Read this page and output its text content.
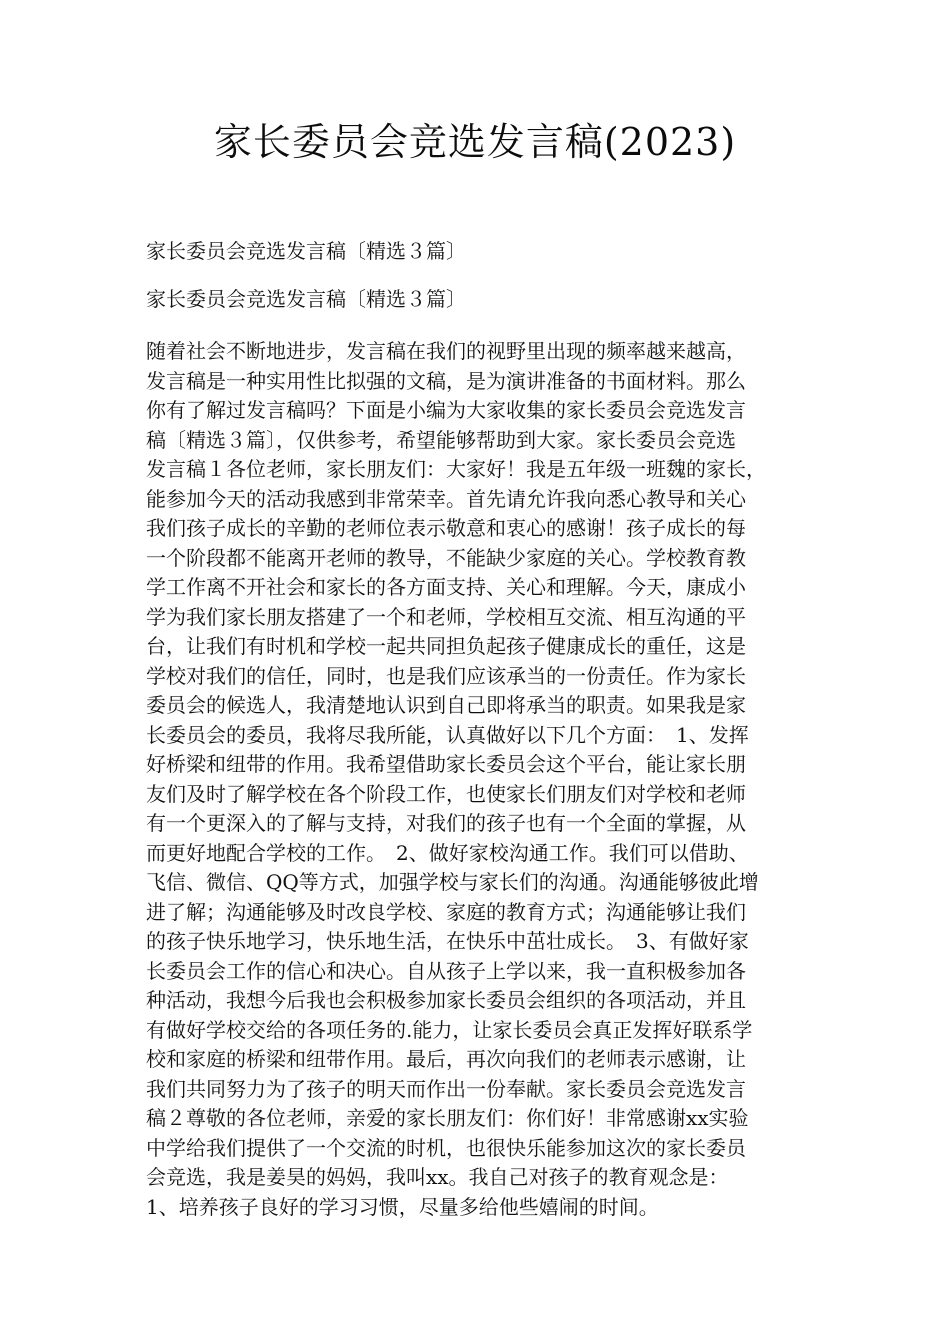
家长委员会竞选发言稿(2023)

家长委员会竞选发言稿〔精选３篇〕

家长委员会竞选发言稿〔精选３篇〕

随着社会不断地进步，发言稿在我们的视野里出现的频率越来越高，
发言稿是一种实用性比拟强的文稿，是为演讲准备的书面材料。那么
你有了解过发言稿吗？下面是小编为大家收集的家长委员会竞选发言
稿〔精选３篇〕，仅供参考，希望能够帮助到大家。家长委员会竞选
发言稿１各位老师，家长朋友们：大家好！我是五年级一班魏的家长，
能参加今天的活动我感到非常荣幸。首先请允许我向悉心教导和关心
我们孩子成长的辛勤的老师位表示敬意和衷心的感谢！孩子成长的每
一个阶段都不能离开老师的教导，不能缺少家庭的关心。学校教育教
学工作离不开社会和家长的各方面支持、关心和理解。今天，康成小
学为我们家长朋友搭建了一个和老师，学校相互交流、相互沟通的平
台，让我们有时机和学校一起共同担负起孩子健康成长的重任，这是
学校对我们的信任，同时，也是我们应该承当的一份责任。作为家长
委员会的候选人，我清楚地认识到自己即将承当的职责。如果我是家
长委员会的委员，我将尽我所能，认真做好以下几个方面：　1、发挥
好桥梁和纽带的作用。我希望借助家长委员会这个平台，能让家长朋
友们及时了解学校在各个阶段工作，也使家长们朋友们对学校和老师
有一个更深入的了解与支持，对我们的孩子也有一个全面的掌握，从
而更好地配合学校的工作。　2、做好家校沟通工作。我们可以借助、
飞信、微信、QQ等方式，加强学校与家长们的沟通。沟通能够彼此增
进了解；沟通能够及时改良学校、家庭的教育方式；沟通能够让我们
的孩子快乐地学习，快乐地生活，在快乐中茁壮成长。　3、有做好家
长委员会工作的信心和决心。自从孩子上学以来，我一直积极参加各
种活动，我想今后我也会积极参加家长委员会组织的各项活动，并且
有做好学校交给的各项任务的.能力，让家长委员会真正发挥好联系学
校和家庭的桥梁和纽带作用。最后，再次向我们的老师表示感谢，让
我们共同努力为了孩子的明天而作出一份奉献。家长委员会竞选发言
稿２尊敬的各位老师，亲爱的家长朋友们：你们好！非常感谢xx实验
中学给我们提供了一个交流的时机，也很快乐能参加这次的家长委员
会竞选，我是姜昊的妈妈，我叫xx。我自己对孩子的教育观念是：
1、培养孩子良好的学习习惯，尽量多给他些嬉闹的时间。
